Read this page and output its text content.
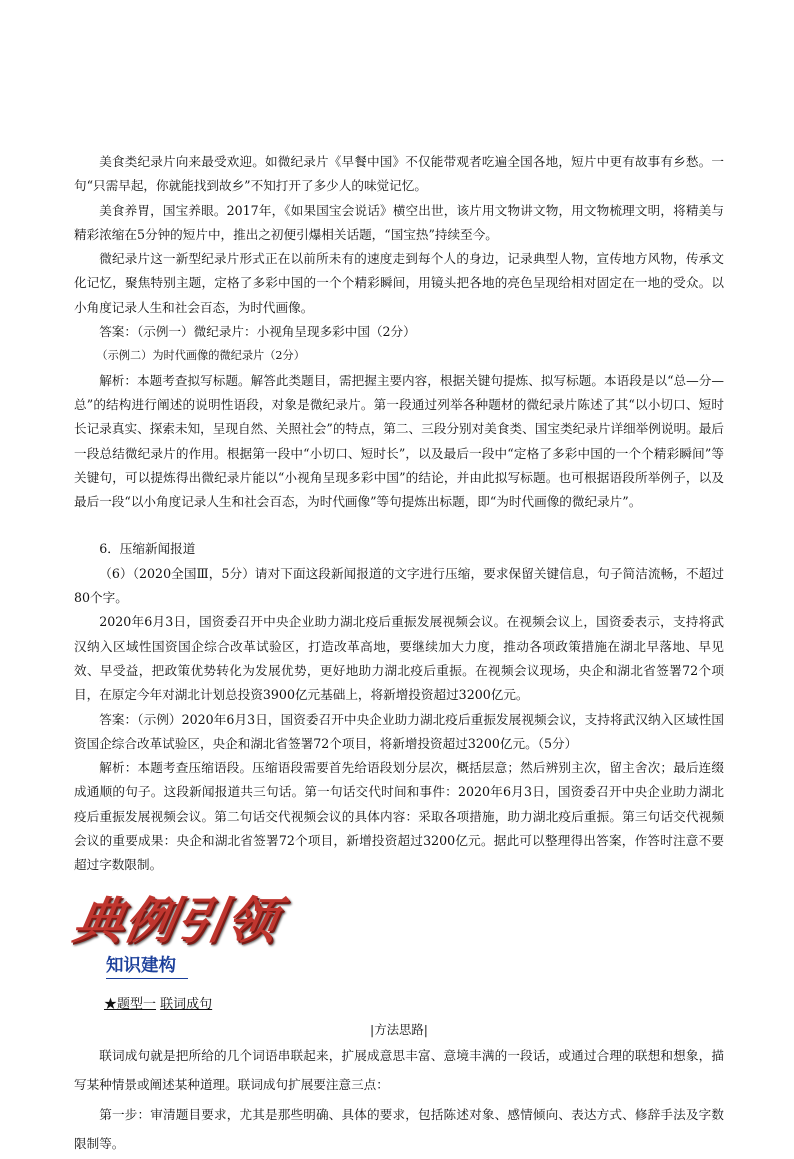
美食类纪录片向来最受欢迎。如微纪录片《早餐中国》不仅能带观者吃遍全国各地，短片中更有故事有乡愁。一句“只需早起，你就能找到故乡”不知打开了多少人的味觉记忆。

美食养胃，国宝养眼。2017年，《如果国宝会说话》横空出世，该片用文物讲文物，用文物梳理文明，将精美与精彩浓缩在5分钟的短片中，推出之初便引爆相关话题，“国宝热”持续至今。

微纪录片这一新型纪录片形式正在以前所未有的速度走到每个人的身边，记录典型人物，宣传地方风物，传承文化记忆，聚焦特别主题，定格了多彩中国的一个个精彩瞬间，用镜头把各地的亮色呈现给相对固定在一地的受众。以小角度记录人生和社会百态，为时代画像。

答案：（示例一）微纪录片：小视角呈现多彩中国（2分）

（示例二）为时代画像的微纪录片（2分）

解析：本题考查拟写标题。解答此类题目，需把握主要内容，根据关键句提炼、拟写标题。本语段是以“总—分—总”的结构进行阐述的说明性语段，对象是微纪录片。第一段通过列举各种题材的微纪录片陈述了其“以小切口、短时长记录真实、探索未知，呈现自然、关照社会”的特点，第二、三段分别对美食类、国宝类纪录片详细举例说明。最后一段总结微纪录片的作用。根据第一段中“小切口、短时长”，以及最后一段中“定格了多彩中国的一个个精彩瞬间”等关键句，可以提炼得出微纪录片能以“小视角呈现多彩中国”的结论，并由此拟写标题。也可根据语段所举例子，以及最后一段“以小角度记录人生和社会百态，为时代画像”等句提炼出标题，即“为时代画像的微纪录片”。

6．压缩新闻报道

（6）（2020全国Ⅲ，5分）请对下面这段新闻报道的文字进行压缩，要求保留关键信息，句子简洁流畅，不超过80个字。

2020年6月3日，国资委召开中央企业助力湖北疫后重振发展视频会议。在视频会议上，国资委表示，支持将武汉纳入区域性国资国企综合改革试验区，打造改革高地，要继续加大力度，推动各项政策措施在湖北早落地、早见效、早受益，把政策优势转化为发展优势，更好地助力湖北疫后重振。在视频会议现场，央企和湖北省签署72个项目，在原定今年对湖北计划总投资3900亿元基础上，将新增投资超过3200亿元。

答案：（示例）2020年6月3日，国资委召开中央企业助力湖北疫后重振发展视频会议，支持将武汉纳入区域性国资国企综合改革试验区，央企和湖北省签署72个项目，将新增投资超过3200亿元。（5分）

解析：本题考查压缩语段。压缩语段需要首先给语段划分层次，概括层意；然后辨别主次，留主舍次；最后连缀成通顺的句子。这段新闻报道共三句话。第一句话交代时间和事件：2020年6月3日，国资委召开中央企业助力湖北疫后重振发展视频会议。第二句话交代视频会议的具体内容：采取各项措施，助力湖北疫后重振。第三句话交代视频会议的重要成果：央企和湖北省签署72个项目，新增投资超过3200亿元。据此可以整理得出答案，作答时注意不要超过字数限制。

典例引领
知识建构
★题型一 联词成句

|方法思路|

联词成句就是把所给的几个词语串联起来，扩展成意思丰富、意境丰满的一段话，或通过合理的联想和想象，描写某种情景或阐述某种道理。联词成句扩展要注意三点：

第一步：审清题目要求，尤其是那些明确、具体的要求，包括陈述对象、感情倾向、表达方式、修辞手法及字数限制等。
